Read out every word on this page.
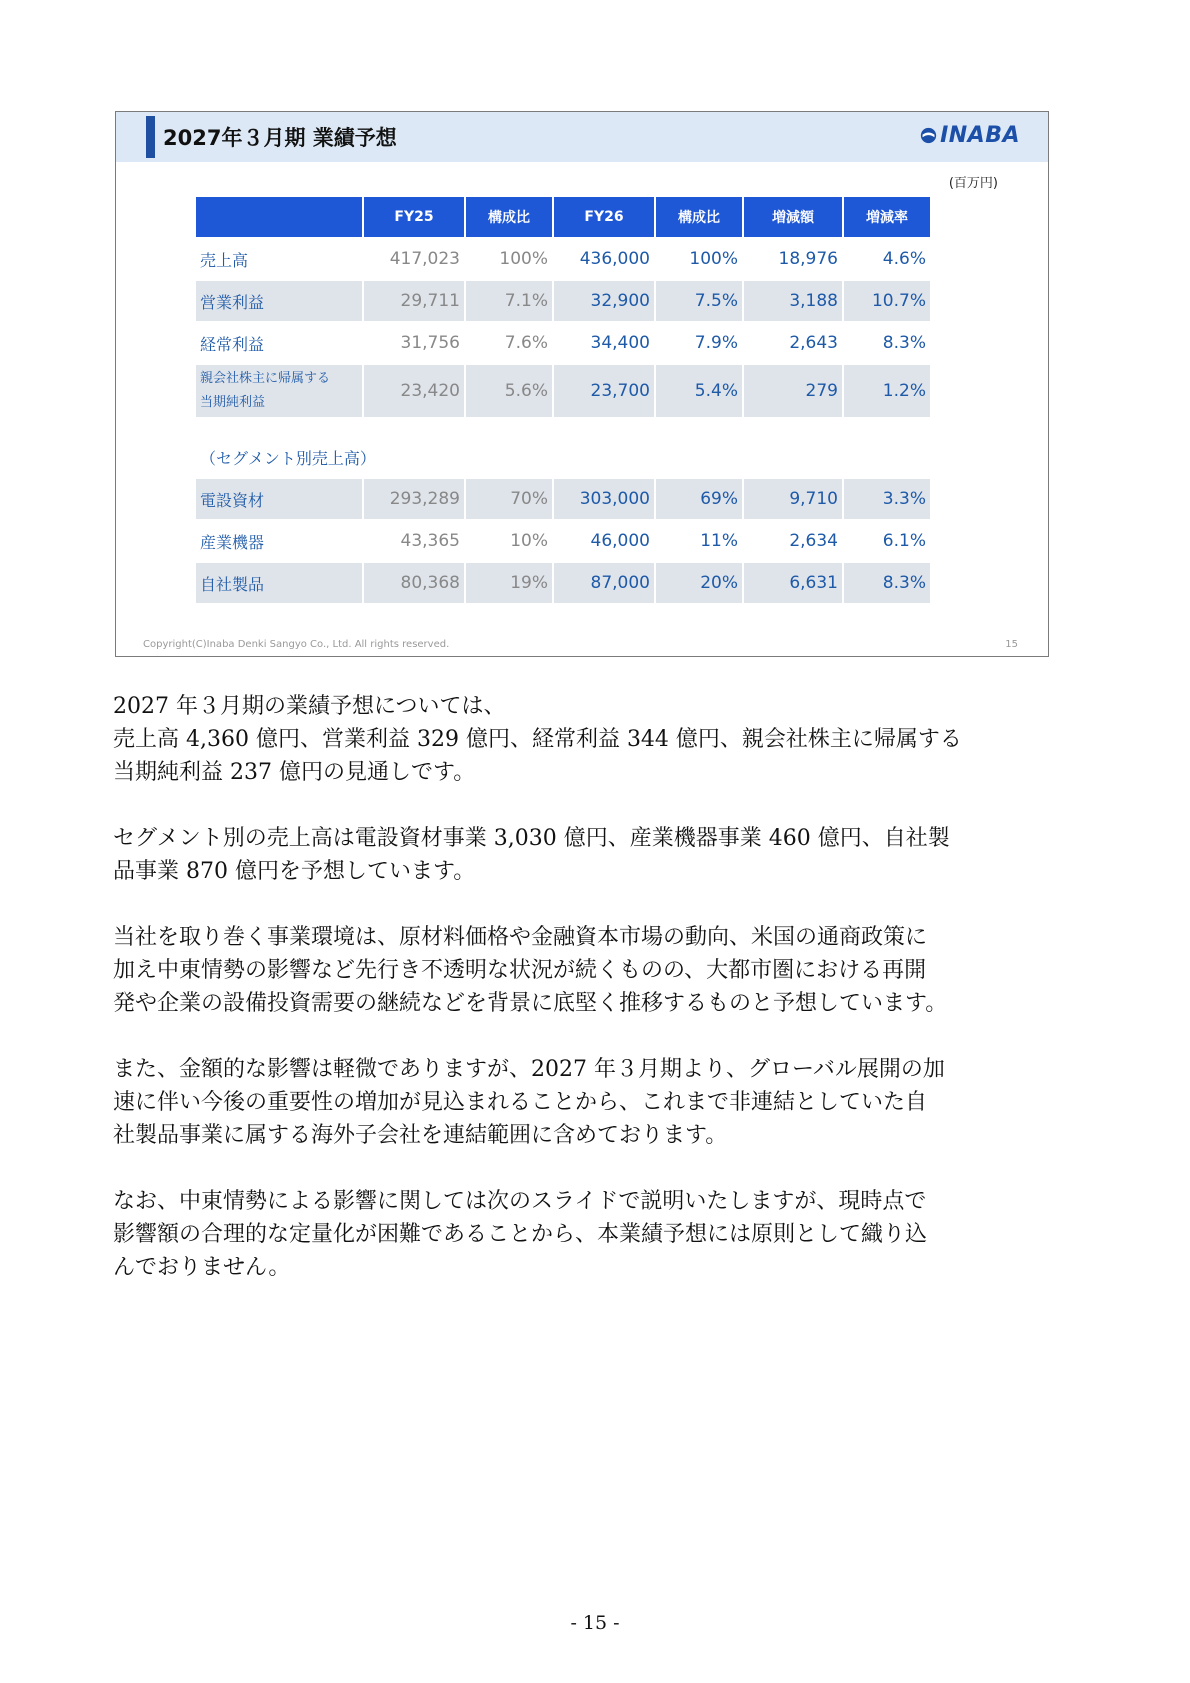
2027年３月期 業績予想	INABA
(百万円)
	FY25	構成比	FY26	構成比	増減額	増減率
売上高	417,023	100%	436,000	100%	18,976	4.6%
営業利益	29,711	7.1%	32,900	7.5%	3,188	10.7%
経常利益	31,756	7.6%	34,400	7.9%	2,643	8.3%
親会社株主に帰属する
当期純利益	23,420	5.6%	23,700	5.4%	279	1.2%
（セグメント別売上高）						
電設資材	293,289	70%	303,000	69%	9,710	3.3%
産業機器	43,365	10%	46,000	11%	2,634	6.1%
自社製品	80,368	19%	87,000	20%	6,631	8.3%
Copyright(C)Inaba Denki Sangyo Co., Ltd. All rights reserved.	15

2027 年３月期の業績予想については、
売上高 4,360 億円、営業利益 329 億円、経常利益 344 億円、親会社株主に帰属する
当期純利益 237 億円の見通しです。

セグメント別の売上高は電設資材事業 3,030 億円、産業機器事業 460 億円、自社製
品事業 870 億円を予想しています。

当社を取り巻く事業環境は、原材料価格や金融資本市場の動向、米国の通商政策に
加え中東情勢の影響など先行き不透明な状況が続くものの、大都市圏における再開
発や企業の設備投資需要の継続などを背景に底堅く推移するものと予想しています。

また、金額的な影響は軽微でありますが、2027 年３月期より、グローバル展開の加
速に伴い今後の重要性の増加が見込まれることから、これまで非連結としていた自
社製品事業に属する海外子会社を連結範囲に含めております。

なお、中東情勢による影響に関しては次のスライドで説明いたしますが、現時点で
影響額の合理的な定量化が困難であることから、本業績予想には原則として織り込
んでおりません。

- 15 -
